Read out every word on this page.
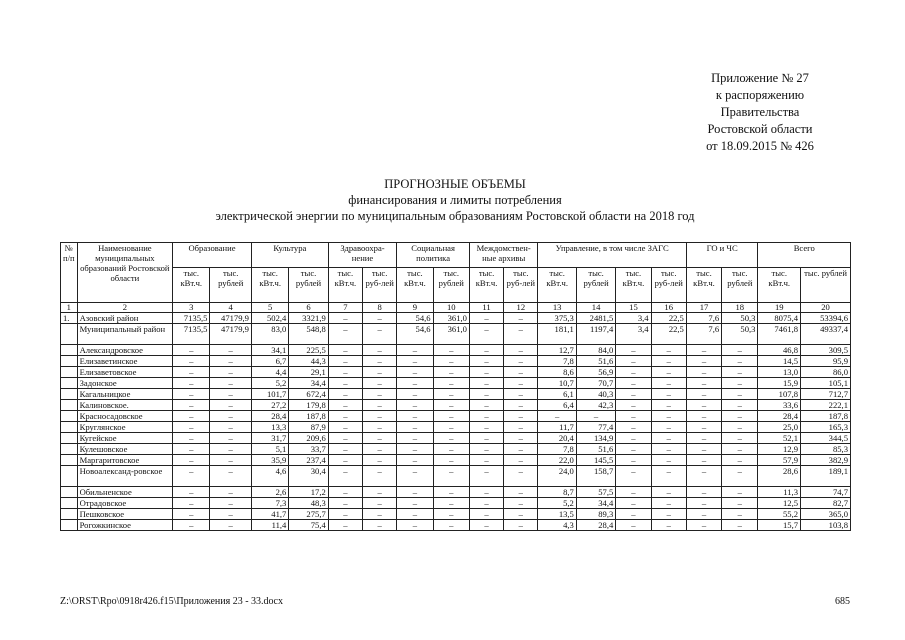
Приложение № 27
к распоряжению
Правительства
Ростовской области
от 18.09.2015 № 426
ПРОГНОЗНЫЕ ОБЪЕМЫ
финансирования и лимиты потребления
электрической энергии по муниципальным образованиям Ростовской области на 2018 год
№ п/п	Наименование муниципальных образований Ростовской области	Образование		Культура		Здравоохра-нение		Социальная политика		Междомствен-ные архивы		Управление, в том числе ЗАГС				ГО и ЧС		Всего	
		тыс. кВт.ч.	тыс. рублей	тыс. кВт.ч.	тыс. рублей	тыс. кВт.ч.	тыс. руб-лей	тыс. кВт.ч.	тыс. рублей	тыс. кВт.ч.	тыс. руб-лей	тыс. кВт.ч.	тыс. рублей	тыс. кВт.ч.	тыс. руб-лей	тыс. кВт.ч.	тыс. рублей	тыс. кВт.ч.	тыс. рублей
1	2	3	4	5	6	7	8	9	10	11	12	13	14	15	16	17	18	19	20
1.	Азовский район	7135,5	47179,9	502,4	3321,9	–	–	54,6	361,0	–	–	375,3	2481,5	3,4	22,5	7,6	50,3	8075,4	53394,6
	Муниципальный район	7135,5	47179,9	83,0	548,8	–	–	54,6	361,0	–	–	181,1	1197,4	3,4	22,5	7,6	50,3	7461,8	49337,4
	Александровское	–	–	34,1	225,5	–	–	–	–	–	–	12,7	84,0	–	–	–	–	46,8	309,5
	Елизаветинское	–	–	6,7	44,3	–	–	–	–	–	–	7,8	51,6	–	–	–	–	14,5	95,9
	Елизаветовское	–	–	4,4	29,1	–	–	–	–	–	–	8,6	56,9	–	–	–	–	13,0	86,0
	Задонское	–	–	5,2	34,4	–	–	–	–	–	–	10,7	70,7	–	–	–	–	15,9	105,1
	Кагальницкое	–	–	101,7	672,4	–	–	–	–	–	–	6,1	40,3	–	–	–	–	107,8	712,7
	Калиновское.	–	–	27,2	179,8	–	–	–	–	–	–	6,4	42,3	–	–	–	–	33,6	222,1
	Красносадовское	–	–	28,4	187,8	–	–	–	–	–	–	–	–	–	–	–	–	28,4	187,8
	Круглянское	–	–	13,3	87,9	–	–	–	–	–	–	11,7	77,4	–	–	–	–	25,0	165,3
	Кугейское	–	–	31,7	209,6	–	–	–	–	–	–	20,4	134,9	–	–	–	–	52,1	344,5
	Кулешовское	–	–	5,1	33,7	–	–	–	–	–	–	7,8	51,6	–	–	–	–	12,9	85,3
	Маргаритовское	–	–	35,9	237,4	–	–	–	–	–	–	22,0	145,5	–	–	–	–	57,9	382,9
	Новоалександ-ровское	–	–	4,6	30,4	–	–	–	–	–	–	24,0	158,7	–	–	–	–	28,6	189,1
	Обильненское	–	–	2,6	17,2	–	–	–	–	–	–	8,7	57,5	–	–	–	–	11,3	74,7
	Отрадовское	–	–	7,3	48,3	–	–	–	–	–	–	5,2	34,4	–	–	–	–	12,5	82,7
	Пешковское	–	–	41,7	275,7	–	–	–	–	–	–	13,5	89,3	–	–	–	–	55,2	365,0
	Рогожкинское	–	–	11,4	75,4	–	–	–	–	–	–	4,3	28,4	–	–	–	–	15,7	103,8
Z:\ORST\Rpo\0918r426.f15\Приложения 23 - 33.docx	685
